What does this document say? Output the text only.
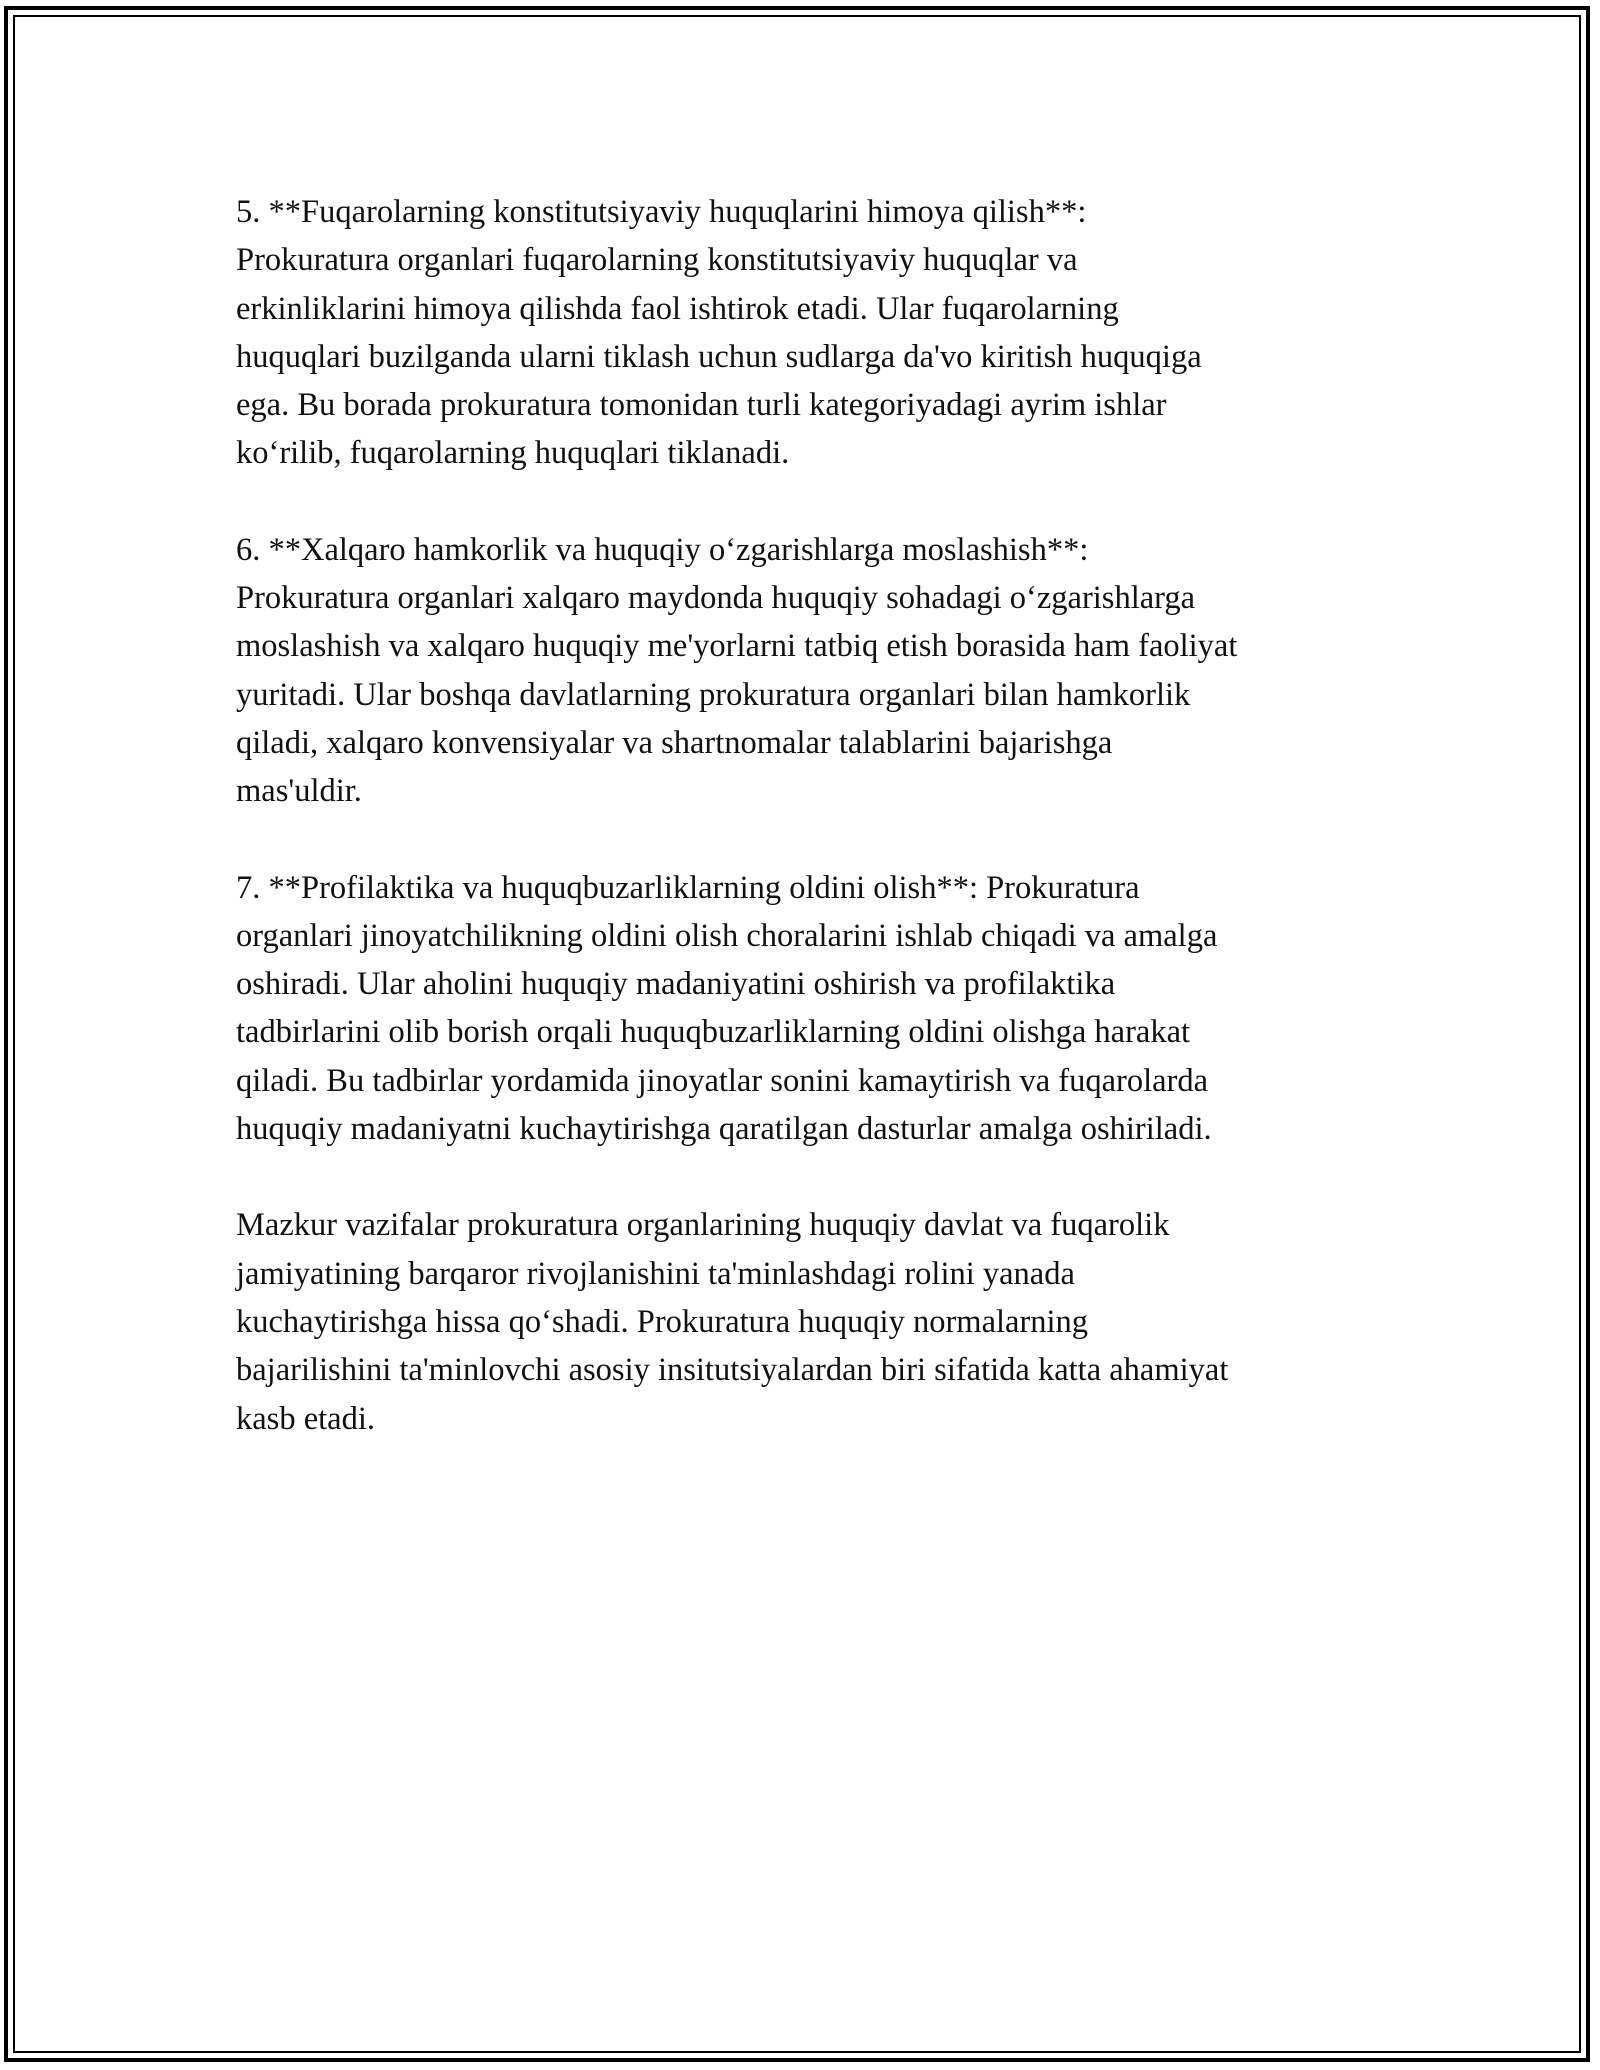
5. **Fuqarolarning konstitutsiyaviy huquqlarini himoya qilish**:
Prokuratura organlari fuqarolarning konstitutsiyaviy huquqlar va
erkinliklarini himoya qilishda faol ishtirok etadi. Ular fuqarolarning
huquqlari buzilganda ularni tiklash uchun sudlarga da'vo kiritish huquqiga
ega. Bu borada prokuratura tomonidan turli kategoriyadagi ayrim ishlar
ko‘rilib, fuqarolarning huquqlari tiklanadi.

6. **Xalqaro hamkorlik va huquqiy o‘zgarishlarga moslashish**:
Prokuratura organlari xalqaro maydonda huquqiy sohadagi o‘zgarishlarga
moslashish va xalqaro huquqiy me'yorlarni tatbiq etish borasida ham faoliyat
yuritadi. Ular boshqa davlatlarning prokuratura organlari bilan hamkorlik
qiladi, xalqaro konvensiyalar va shartnomalar talablarini bajarishga
mas'uldir.

7. **Profilaktika va huquqbuzarliklarning oldini olish**: Prokuratura
organlari jinoyatchilikning oldini olish choralarini ishlab chiqadi va amalga
oshiradi. Ular aholini huquqiy madaniyatini oshirish va profilaktika
tadbirlarini olib borish orqali huquqbuzarliklarning oldini olishga harakat
qiladi. Bu tadbirlar yordamida jinoyatlar sonini kamaytirish va fuqarolarda
huquqiy madaniyatni kuchaytirishga qaratilgan dasturlar amalga oshiriladi.

Mazkur vazifalar prokuratura organlarining huquqiy davlat va fuqarolik
jamiyatining barqaror rivojlanishini ta'minlashdagi rolini yanada
kuchaytirishga hissa qo‘shadi. Prokuratura huquqiy normalarning
bajarilishini ta'minlovchi asosiy insitutsiyalardan biri sifatida katta ahamiyat
kasb etadi.
